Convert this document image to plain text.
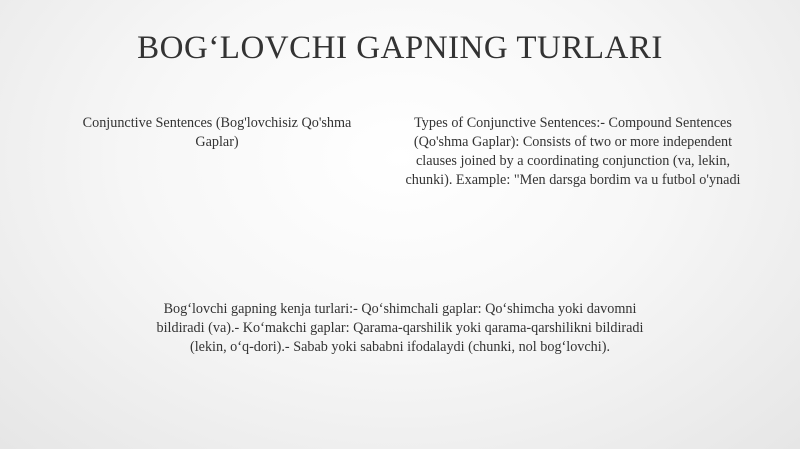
BOG‘LOVCHI GAPNING TURLARI
Conjunctive Sentences (Bog'lovchisiz Qo'shma Gaplar)
Types of Conjunctive Sentences:- Compound Sentences (Qo'shma Gaplar): Consists of two or more independent clauses joined by a coordinating conjunction (va, lekin, chunki). Example: "Men darsga bordim va u futbol o'ynadi
Bog‘lovchi gapning kenja turlari:- Qo‘shimchali gaplar: Qo‘shimcha yoki davomni bildiradi (va).- Ko‘makchi gaplar: Qarama-qarshilik yoki qarama-qarshilikni bildiradi (lekin, o‘q-dori).- Sabab yoki sababni ifodalaydi (chunki, nol bog‘lovchi).
